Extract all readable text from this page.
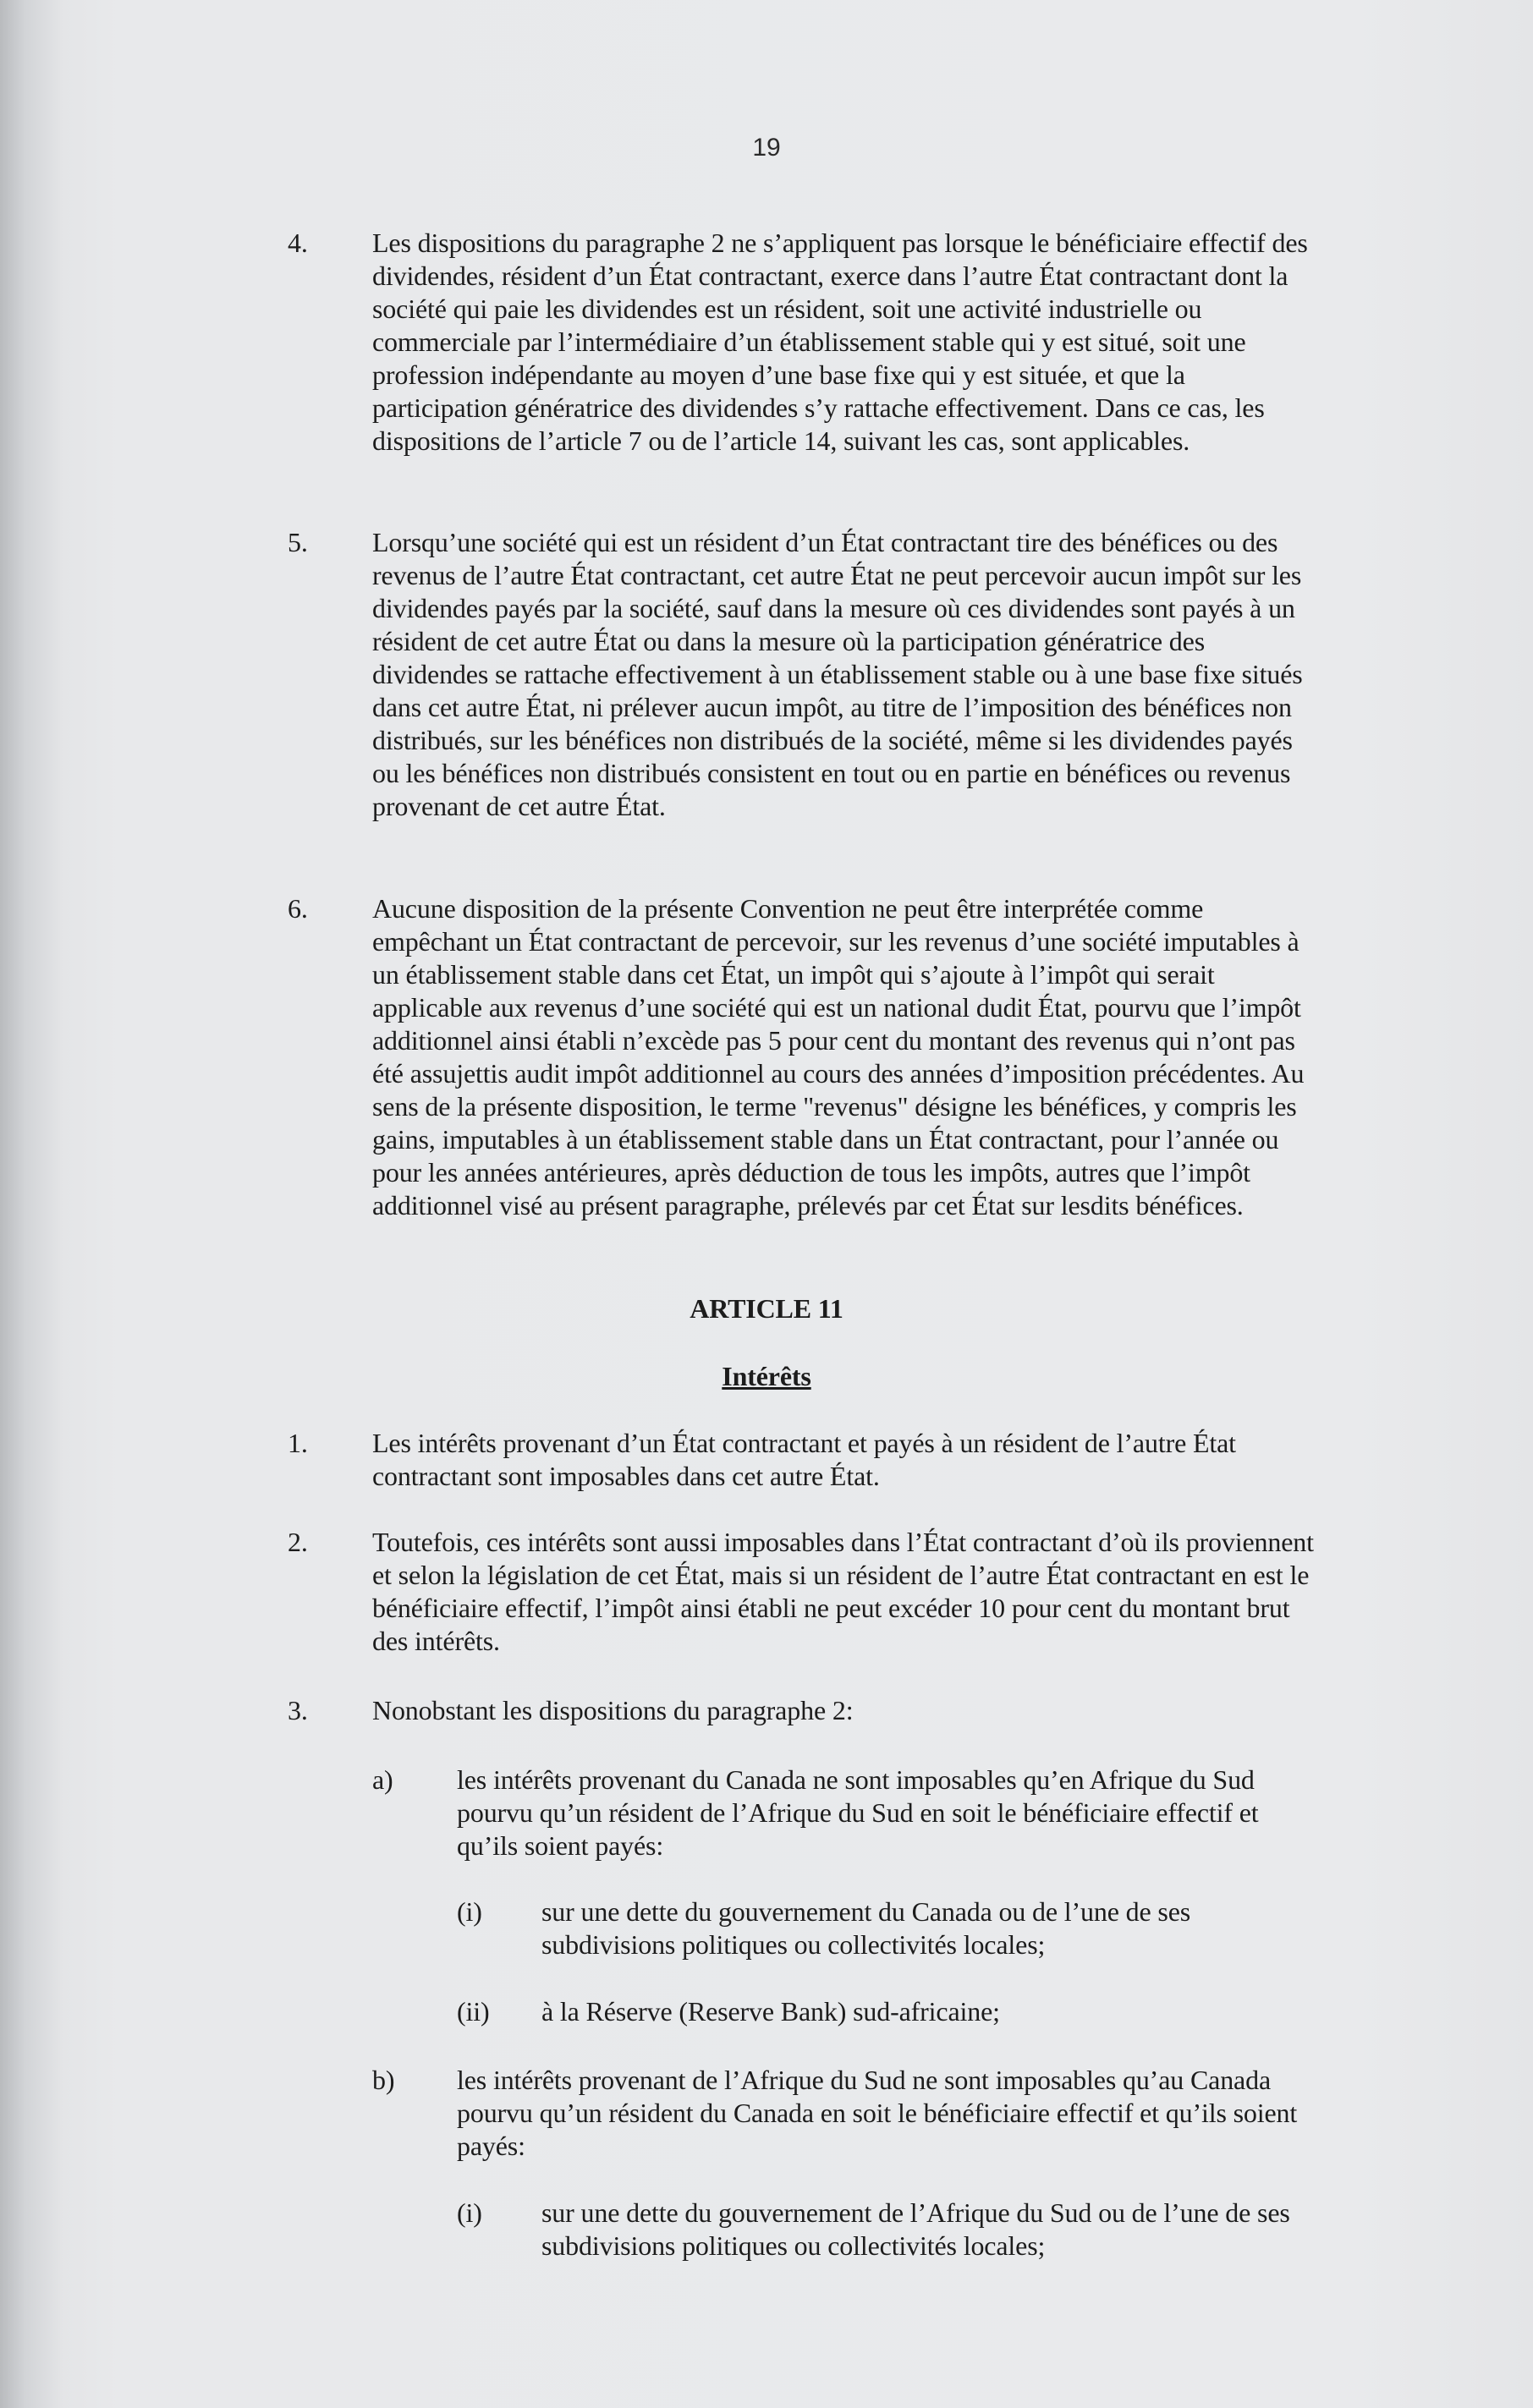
19
4.	Les dispositions du paragraphe 2 ne s’appliquent pas lorsque le bénéficiaire effectif des dividendes, résident d’un État contractant, exerce dans l’autre État contractant dont la société qui paie les dividendes est un résident, soit une activité industrielle ou commerciale par l’intermédiaire d’un établissement stable qui y est situé, soit une profession indépendante au moyen d’une base fixe qui y est située, et que la participation génératrice des dividendes s’y rattache effectivement. Dans ce cas, les dispositions de l’article 7 ou de l’article 14, suivant les cas, sont applicables.
5.	Lorsqu’une société qui est un résident d’un État contractant tire des bénéfices ou des revenus de l’autre État contractant, cet autre État ne peut percevoir aucun impôt sur les dividendes payés par la société, sauf dans la mesure où ces dividendes sont payés à un résident de cet autre État ou dans la mesure où la participation génératrice des dividendes se rattache effectivement à un établissement stable ou à une base fixe situés dans cet autre État, ni prélever aucun impôt, au titre de l’imposition des bénéfices non distribués, sur les bénéfices non distribués de la société, même si les dividendes payés ou les bénéfices non distribués consistent en tout ou en partie en bénéfices ou revenus provenant de cet autre État.
6.	Aucune disposition de la présente Convention ne peut être interprétée comme empêchant un État contractant de percevoir, sur les revenus d’une société imputables à un établissement stable dans cet État, un impôt qui s’ajoute à l’impôt qui serait applicable aux revenus d’une société qui est un national dudit État, pourvu que l’impôt additionnel ainsi établi n’excède pas 5 pour cent du montant des revenus qui n’ont pas été assujettis audit impôt additionnel au cours des années d’imposition précédentes. Au sens de la présente disposition, le terme "revenus" désigne les bénéfices, y compris les gains, imputables à un établissement stable dans un État contractant, pour l’année ou pour les années antérieures, après déduction de tous les impôts, autres que l’impôt additionnel visé au présent paragraphe, prélevés par cet État sur lesdits bénéfices.
ARTICLE 11
Intérêts
1.	Les intérêts provenant d’un État contractant et payés à un résident de l’autre État contractant sont imposables dans cet autre État.
2.	Toutefois, ces intérêts sont aussi imposables dans l’État contractant d’où ils proviennent et selon la législation de cet État, mais si un résident de l’autre État contractant en est le bénéficiaire effectif, l’impôt ainsi établi ne peut excéder 10 pour cent du montant brut des intérêts.
3.	Nonobstant les dispositions du paragraphe 2:
a)	les intérêts provenant du Canada ne sont imposables qu’en Afrique du Sud pourvu qu’un résident de l’Afrique du Sud en soit le bénéficiaire effectif et qu’ils soient payés:
(i)	sur une dette du gouvernement du Canada ou de l’une de ses subdivisions politiques ou collectivités locales;
(ii)	à la Réserve (Reserve Bank) sud-africaine;
b)	les intérêts provenant de l’Afrique du Sud ne sont imposables qu’au Canada pourvu qu’un résident du Canada en soit le bénéficiaire effectif et qu’ils soient payés:
(i)	sur une dette du gouvernement de l’Afrique du Sud ou de l’une de ses subdivisions politiques ou collectivités locales;
